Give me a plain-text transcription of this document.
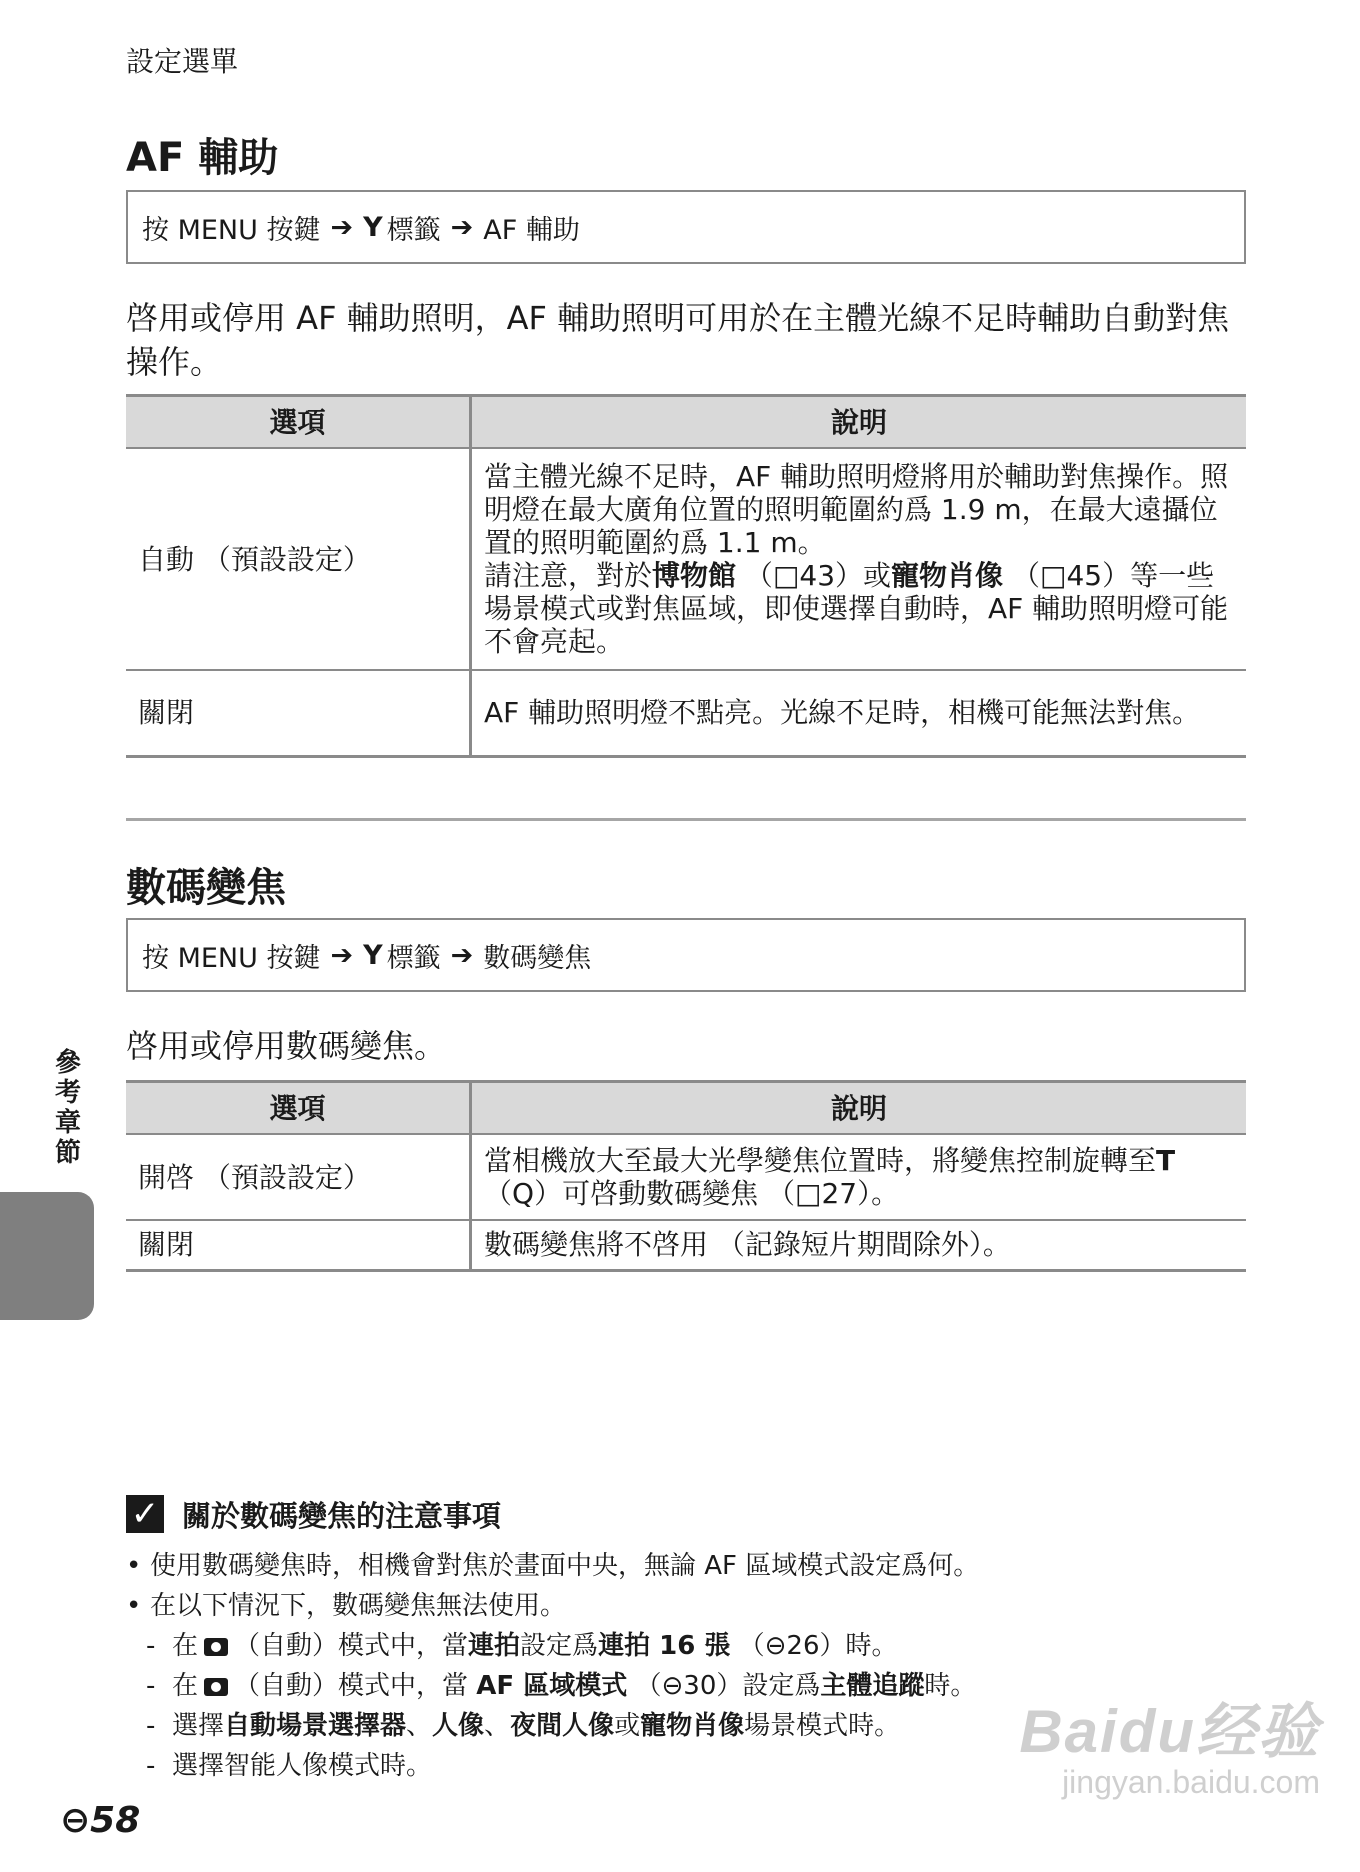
設定選單
AF 輔助
按 MENU 按鍵 ➔ Y 標籤 ➔ AF 輔助
啓用或停用 AF 輔助照明，AF 輔助照明可用於在主體光線不足時輔助自動對焦操作。
選項	說明
自動 （預設設定）	當主體光線不足時，AF 輔助照明燈將用於輔助對焦操作。照明燈在最大廣角位置的照明範圍約爲 1.9 m，在最大遠攝位置的照明範圍約爲 1.1 m。
請注意，對於博物館 （□43）或寵物肖像 （□45）等一些場景模式或對焦區域，即使選擇自動時，AF 輔助照明燈可能不會亮起。

關閉	AF 輔助照明燈不點亮。光線不足時，相機可能無法對焦。
數碼變焦
按 MENU 按鍵 ➔ Y 標籤 ➔ 數碼變焦
啓用或停用數碼變焦。
選項	說明
開啓 （預設設定）	當相機放大至最大光學變焦位置時，將變焦控制旋轉至T （Q）可啓動數碼變焦 （□27）。
關閉	數碼變焦將不啓用 （記錄短片期間除外）。
參考章節
✓ 關於數碼變焦的注意事項
• 使用數碼變焦時，相機會對焦於畫面中央，無論 AF 區域模式設定爲何。
• 在以下情況下，數碼變焦無法使用。
- 在 （自動）模式中，當連拍設定爲連拍 16 張 （⊖26）時。
- 在 （自動）模式中，當 AF 區域模式 （⊖30）設定爲主體追蹤時。
- 選擇自動場景選擇器、人像、夜間人像或寵物肖像場景模式時。
- 選擇智能人像模式時。
⊖58
Baidu经验
jingyan.baidu.com
